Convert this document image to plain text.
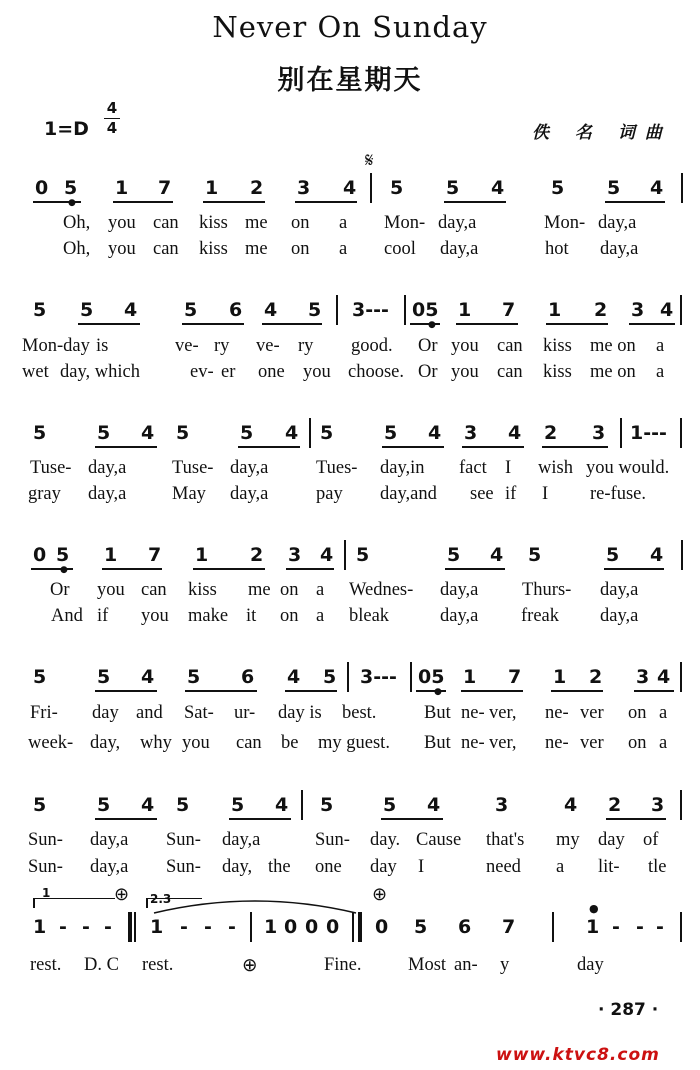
Never On Sunday
别在星期天
1=D
4
4	佚 名 词曲
𝄋
0 5
●
1 7 1 2 3 4 5 5 4 5 5 4
Oh, you can kiss me on a Mon- day,a	Mon- day,a
Oh, you can kiss me on a cool day,a	hot day,a
5 5 4 5 6 4 5 3--- 05
●
1 7 1 2 3 4
Mon-day is	ve- ry ve- ry good. Or you can kiss me on a
wet day, which	ev- er one you choose. Or you can kiss me on a
5	5 4 5	5 4 5	5 4 3 4 2 3 1---
Tuse- day,a Tuse- day,a	Tues- day,in fact I wish you would.
gray day,a May day,a	pay day,and see if I re-fuse.
0 5
●
1 7 1 2 3 4 5	5 4 5	5 4
Or you can kiss me on a Wednes- day,a Thurs- day,a
And if you make it on a bleak	day,a freak day,a
5	5 4 5 6 4 5 3--- 05
●
1 7 1 2 3 4
Fri- day and Sat- ur- day is best.	But ne- ver, ne- ver on a
week- day, why you can be my guest. But ne- ver, ne- ver on a
5	5 4 5 5 4 5	5 4	3	4 2 3
Sun- day,a Sun- day,a	Sun- day. Cause that's my day of
Sun- day,a Sun- day, the one day I	need a lit- tle
1	⊕ 2.3	⊕
1 - - - 1 - - - 1 0 0 0 0 5 6 7	1
●
- - -
rest. D. C rest.	⊕	Fine.	Most an- y	day
· 287 ·
www.ktvc8.com
